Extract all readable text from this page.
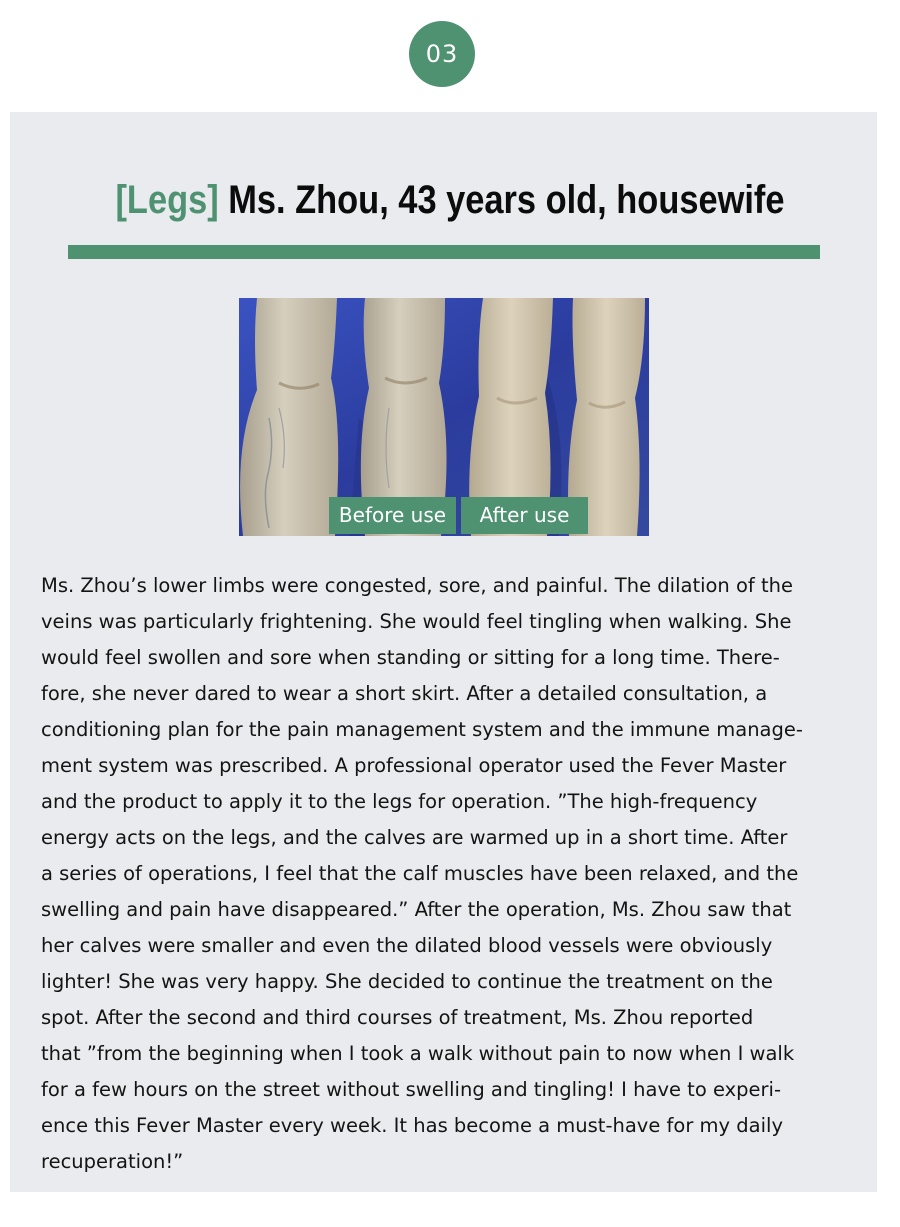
03
[Legs] Ms. Zhou, 43 years old, housewife
Before use	After use

Ms. Zhou’s lower limbs were congested, sore, and painful. The dilation of the
veins was particularly frightening. She would feel tingling when walking. She
would feel swollen and sore when standing or sitting for a long time. There-
fore, she never dared to wear a short skirt. After a detailed consultation, a
conditioning plan for the pain management system and the immune manage-
ment system was prescribed. A professional operator used the Fever Master
and the product to apply it to the legs for operation. ”The high-frequency
energy acts on the legs, and the calves are warmed up in a short time. After
a series of operations, I feel that the calf muscles have been relaxed, and the
swelling and pain have disappeared.” After the operation, Ms. Zhou saw that
her calves were smaller and even the dilated blood vessels were obviously
lighter! She was very happy. She decided to continue the treatment on the
spot. After the second and third courses of treatment, Ms. Zhou reported
that ”from the beginning when I took a walk without pain to now when I walk
for a few hours on the street without swelling and tingling! I have to experi-
ence this Fever Master every week. It has become a must-have for my daily
recuperation!”
